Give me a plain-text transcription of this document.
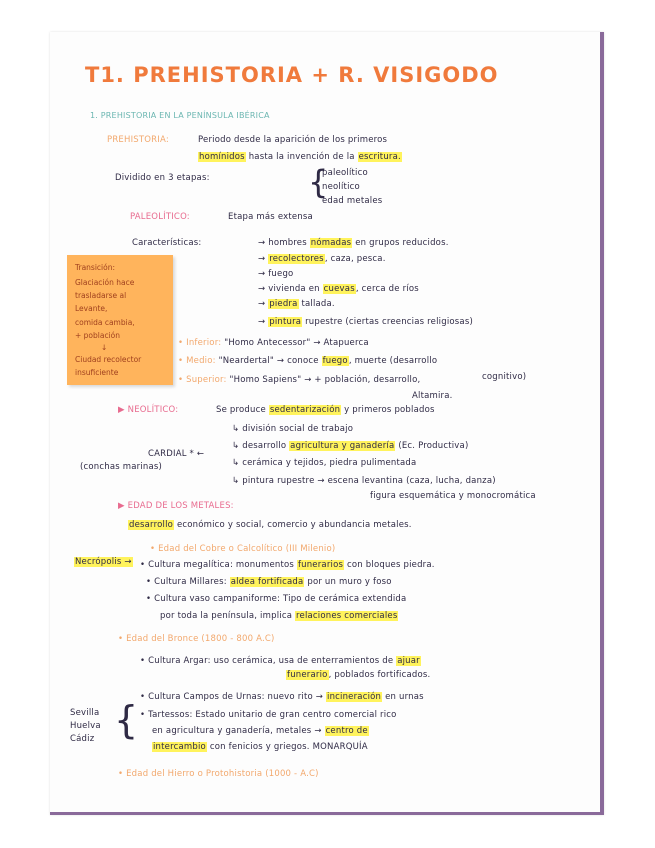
T1. PREHISTORIA + R. VISIGODO
1. PREHISTORIA EN LA PENÍNSULA IBÉRICA
PREHISTORIA:	Periodo desde la aparición de los primeros
homínidos hasta la invención de la escritura.
Dividido en 3 etapas:	{
paleolítico
neolítico
edad metales
PALEOLÍTICO:	Etapa más extensa
Características:	→ hombres nómadas en grupos reducidos.
→ recolectores, caza, pesca.
→ fuego
→ vivienda en cuevas, cerca de ríos
→ piedra tallada.
→ pintura rupestre (ciertas creencias religiosas)
• Inferior: "Homo Antecessor" → Atapuerca
• Medio: "Neardertal" → conoce fuego, muerte (desarrollo
cognitivo)
• Superior: "Homo Sapiens" → + población, desarrollo,
Altamira.
Transición:
Glaciación hace
trasladarse al
Levante,
comida cambia,
+ población
↓
Ciudad recolector
insuficiente
▶ NEOLÍTICO:	Se produce sedentarización y primeros poblados
↳ división social de trabajo
↳ desarrollo agricultura y ganadería (Ec. Productiva)
↳ cerámica y tejidos, piedra pulimentada
↳ pintura rupestre → escena levantina (caza, lucha, danza)
figura esquemática y monocromática
CARDIAL * ←
(conchas marinas)
▶ EDAD DE LOS METALES:
desarrollo económico y social, comercio y abundancia metales.
• Edad del Cobre o Calcolítico (III Milenio)
Necrópolis → • Cultura megalítica: monumentos funerarios con bloques piedra.
• Cultura Millares: aldea fortificada por un muro y foso
• Cultura vaso campaniforme: Tipo de cerámica extendida
por toda la península, implica relaciones comerciales
• Edad del Bronce (1800 - 800 A.C)
• Cultura Argar: uso cerámica, usa de enterramientos de ajuar
funerario, poblados fortificados.
• Cultura Campos de Urnas: nuevo rito → incineración en urnas
• Tartessos: Estado unitario de gran centro comercial rico
en agricultura y ganadería, metales → centro de
intercambio con fenicios y griegos. MONARQUÍA
Sevilla
Huelva
Cádiz {
• Edad del Hierro o Protohistoria (1000 - A.C)
